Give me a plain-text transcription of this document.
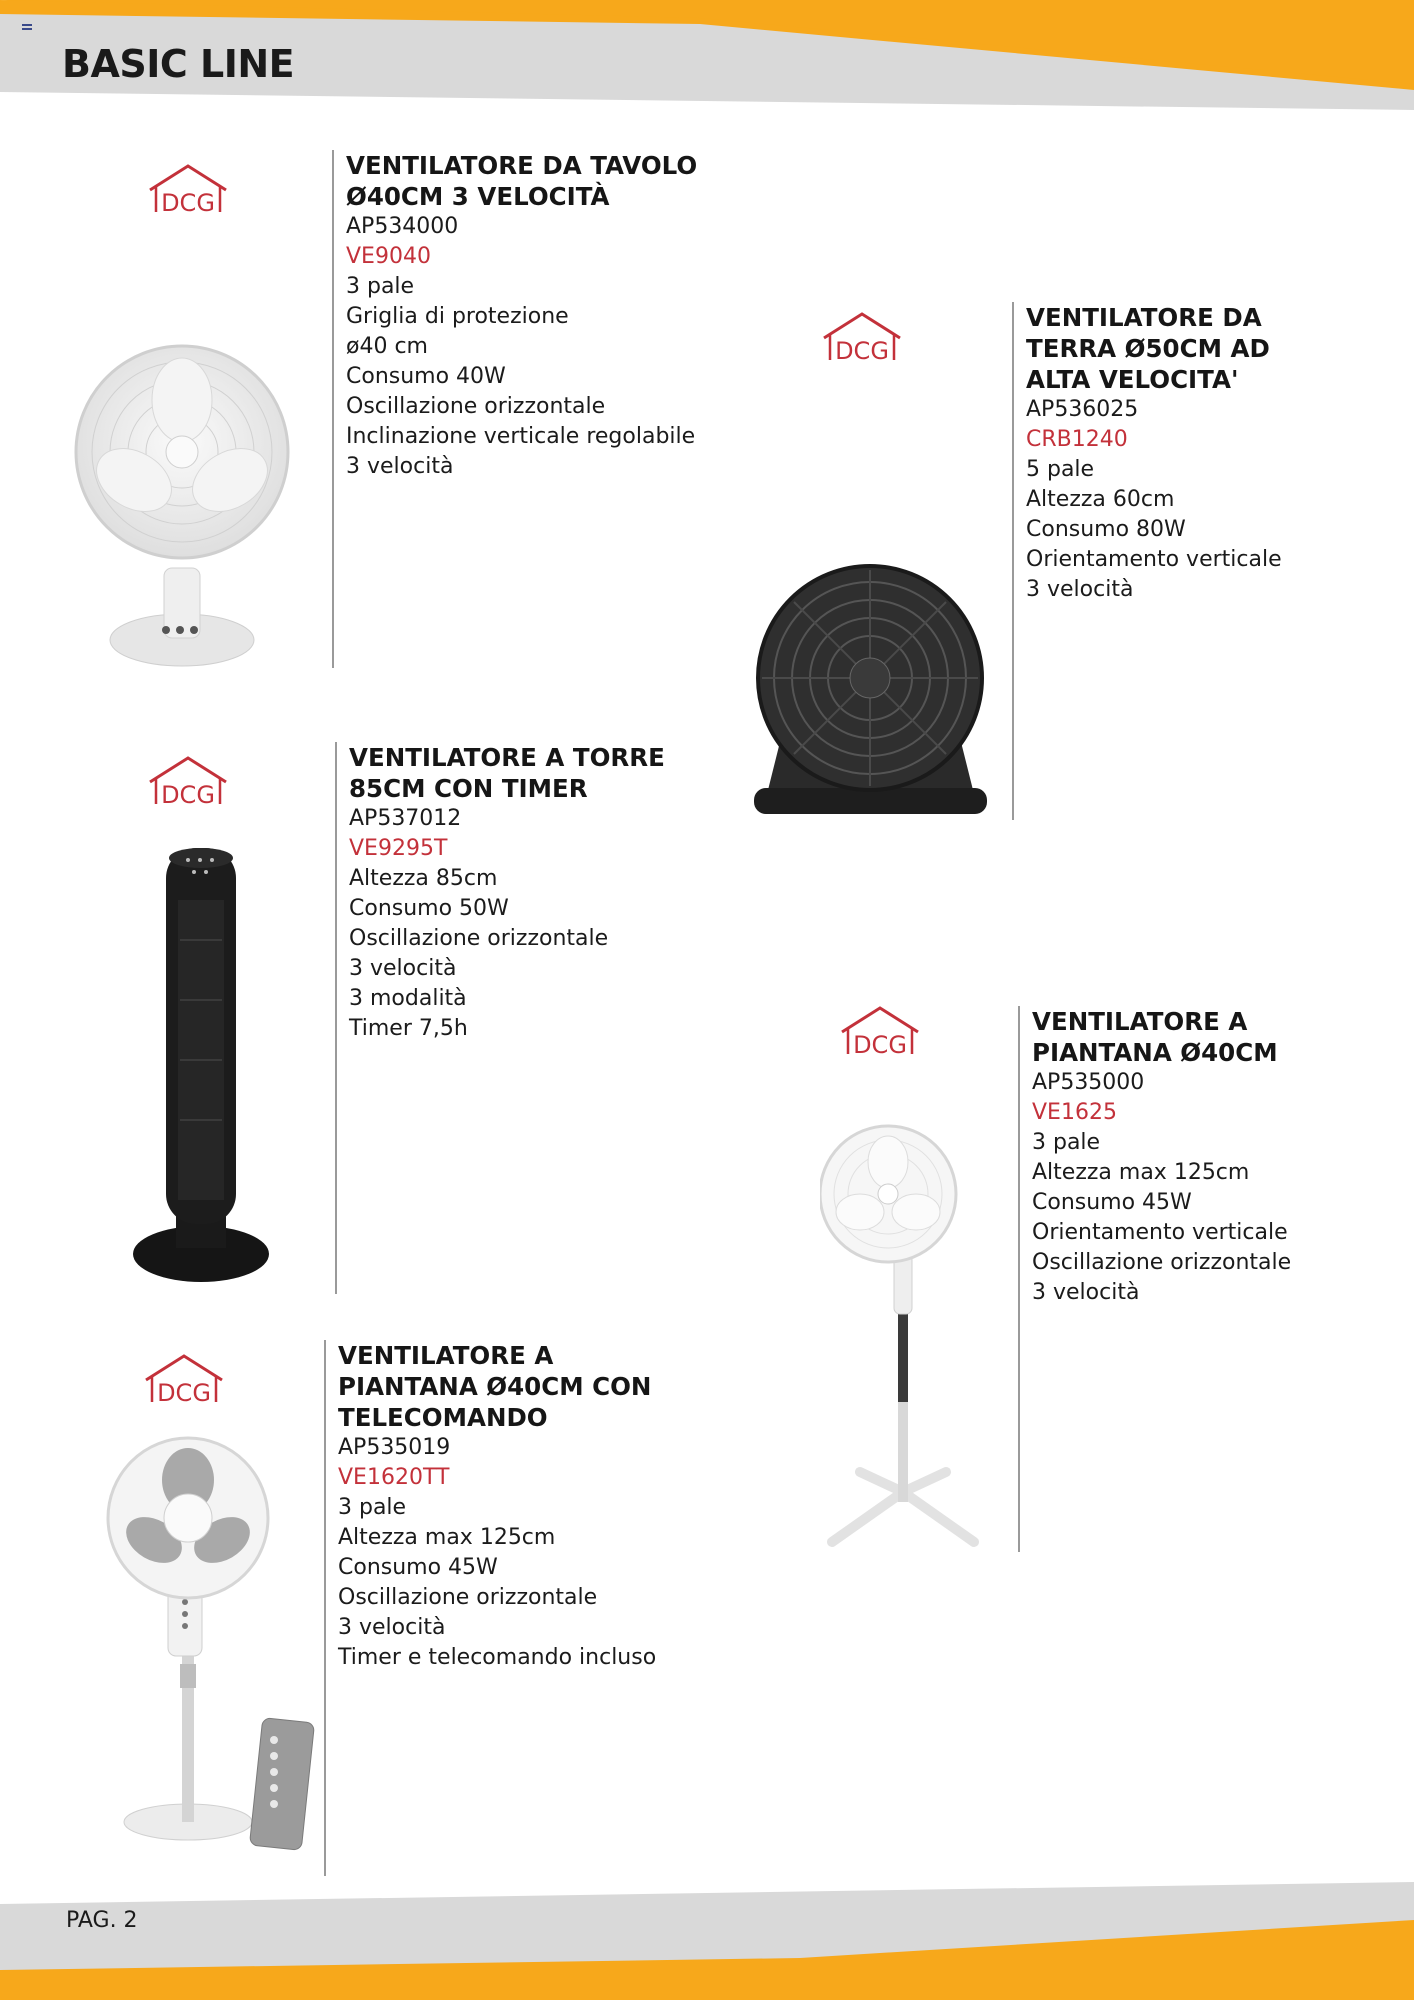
BASIC LINE
DCG

VENTILATORE DA TAVOLO
Ø40CM 3 VELOCITÀ

AP534000
VE9040
3 pale
Griglia di protezione
ø40 cm
Consumo 40W
Oscillazione orizzontale
Inclinazione verticale regolabile
3 velocità
DCG

VENTILATORE DA
TERRA Ø50CM AD
ALTA VELOCITA'

AP536025
CRB1240
5 pale
Altezza 60cm
Consumo 80W
Orientamento verticale
3 velocità
DCG

VENTILATORE A TORRE
85CM CON TIMER

AP537012
VE9295T
Altezza 85cm
Consumo 50W
Oscillazione orizzontale
3 velocità
3 modalità
Timer 7,5h
DCG

VENTILATORE A
PIANTANA Ø40CM

AP535000
VE1625
3 pale
Altezza max 125cm
Consumo 45W
Orientamento verticale
Oscillazione orizzontale
3 velocità
DCG

VENTILATORE A
PIANTANA Ø40CM CON
TELECOMANDO

AP535019
VE1620TT
3 pale
Altezza max 125cm
Consumo 45W
Oscillazione orizzontale
3 velocità
Timer e telecomando incluso
PAG. 2
